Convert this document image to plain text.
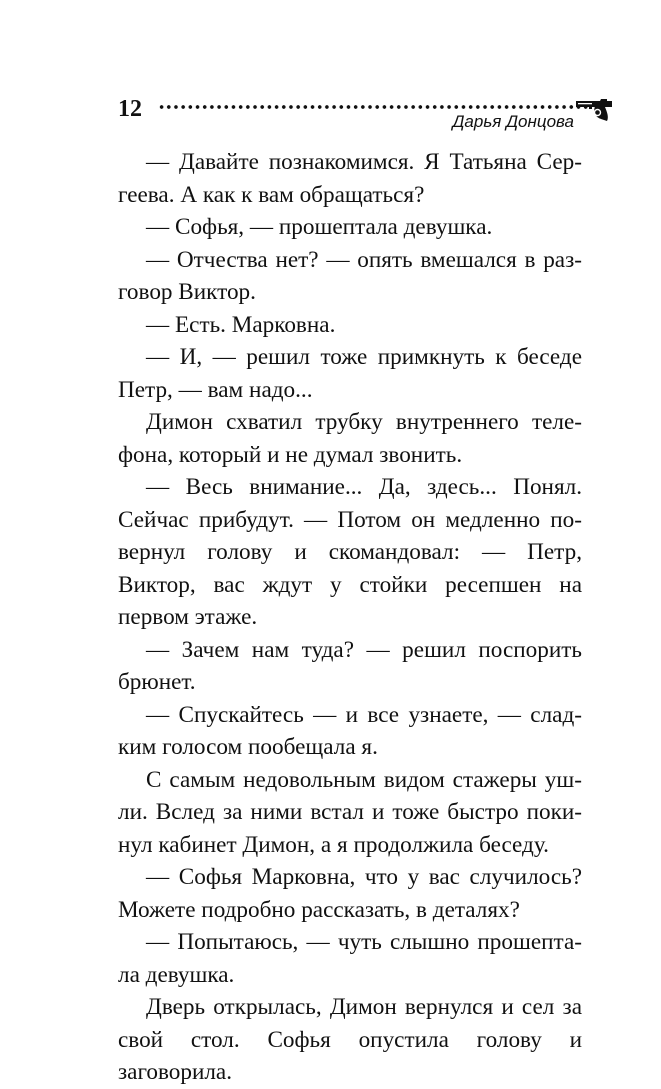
12	Дарья Донцова

— Давайте познакомимся. Я Татьяна Сергеева. А как к вам обращаться?

— Софья, — прошептала девушка.

— Отчества нет? — опять вмешался в разговор Виктор.

— Есть. Марковна.

— И, — решил тоже примкнуть к беседе Петр, — вам надо...

Димон схватил трубку внутреннего телефона, который и не думал звонить.

— Весь внимание... Да, здесь... Понял. Сейчас прибудут. — Потом он медленно повернул голову и скомандовал: — Петр, Виктор, вас ждут у стойки ресепшен на первом этаже.

— Зачем нам туда? — решил поспорить брюнет.

— Спускайтесь — и все узнаете, — сладким голосом пообещала я.

С самым недовольным видом стажеры ушли. Вслед за ними встал и тоже быстро покинул кабинет Димон, а я продолжила беседу.

— Софья Марковна, что у вас случилось? Можете подробно рассказать, в деталях?

— Попытаюсь, — чуть слышно прошептала девушка.

Дверь открылась, Димон вернулся и сел за свой стол. Софья опустила голову и заговорила.
